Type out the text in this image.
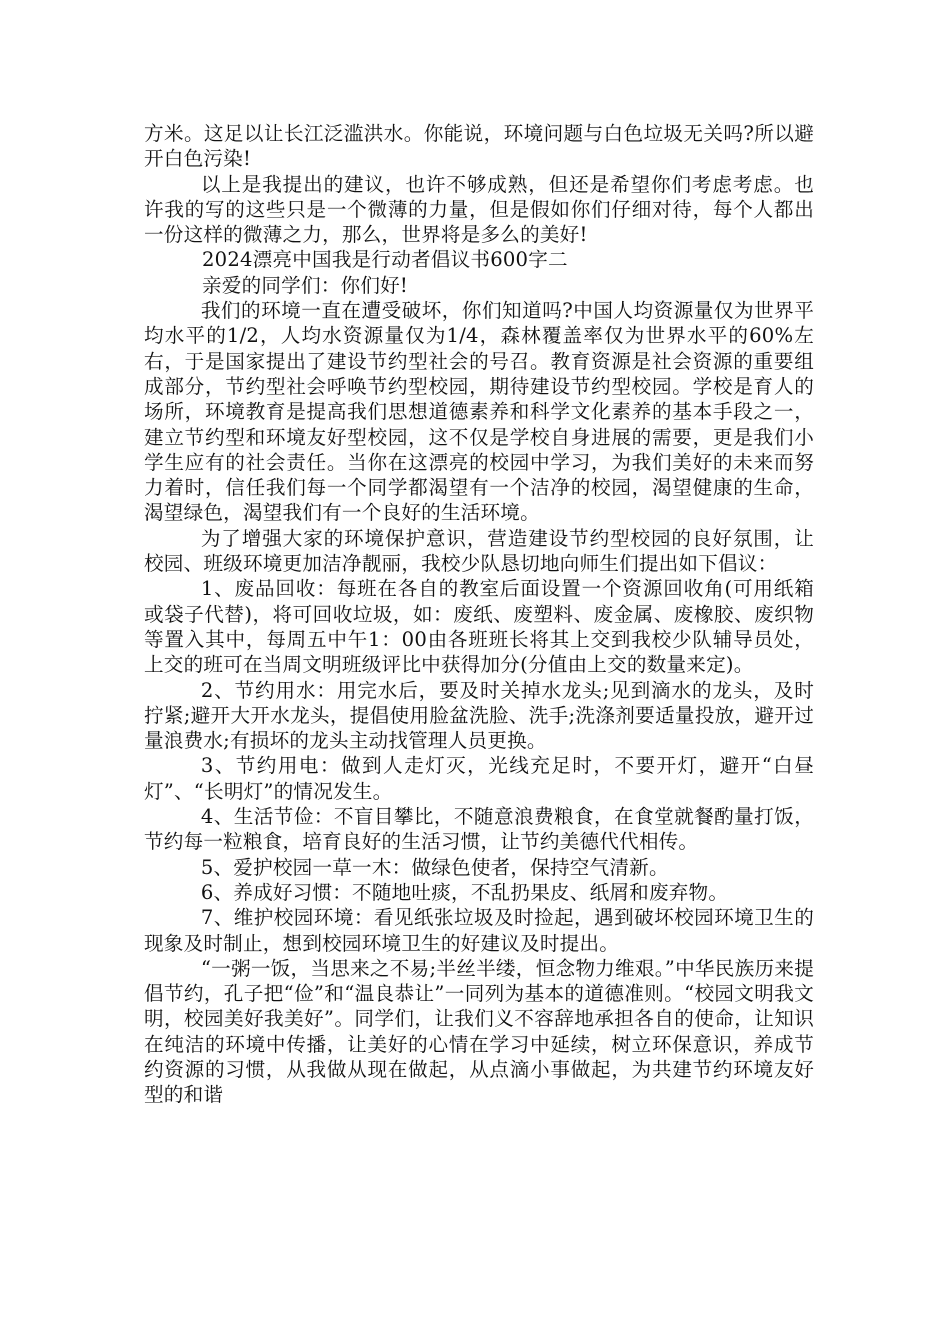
方米。这足以让长江泛滥洪水。你能说，环境问题与白色垃圾无关吗?所以避开白色污染!

以上是我提出的建议，也许不够成熟，但还是希望你们考虑考虑。也许我的写的这些只是一个微薄的力量，但是假如你们仔细对待，每个人都出一份这样的微薄之力，那么，世界将是多么的美好!

2024漂亮中国我是行动者倡议书600字二

亲爱的同学们：你们好!

我们的环境一直在遭受破坏，你们知道吗?中国人均资源量仅为世界平均水平的1/2，人均水资源量仅为1/4，森林覆盖率仅为世界水平的60%左右，于是国家提出了建设节约型社会的号召。教育资源是社会资源的重要组成部分，节约型社会呼唤节约型校园，期待建设节约型校园。学校是育人的场所，环境教育是提高我们思想道德素养和科学文化素养的基本手段之一，建立节约型和环境友好型校园，这不仅是学校自身进展的需要，更是我们小学生应有的社会责任。当你在这漂亮的校园中学习，为我们美好的未来而努力着时，信任我们每一个同学都渴望有一个洁净的校园，渴望健康的生命，渴望绿色，渴望我们有一个良好的生活环境。

为了增强大家的环境保护意识，营造建设节约型校园的良好氛围，让校园、班级环境更加洁净靓丽，我校少队恳切地向师生们提出如下倡议：

1、废品回收：每班在各自的教室后面设置一个资源回收角(可用纸箱或袋子代替)，将可回收垃圾，如：废纸、废塑料、废金属、废橡胶、废织物等置入其中，每周五中午1：00由各班班长将其上交到我校少队辅导员处，上交的班可在当周文明班级评比中获得加分(分值由上交的数量来定)。

2、节约用水：用完水后，要及时关掉水龙头;见到滴水的龙头，及时拧紧;避开大开水龙头，提倡使用脸盆洗脸、洗手;洗涤剂要适量投放，避开过量浪费水;有损坏的龙头主动找管理人员更换。

3、节约用电：做到人走灯灭，光线充足时，不要开灯，避开“白昼灯”、“长明灯”的情况发生。

4、生活节俭：不盲目攀比，不随意浪费粮食，在食堂就餐酌量打饭，节约每一粒粮食，培育良好的生活习惯，让节约美德代代相传。

5、爱护校园一草一木：做绿色使者，保持空气清新。

6、养成好习惯：不随地吐痰，不乱扔果皮、纸屑和废弃物。

7、维护校园环境：看见纸张垃圾及时捡起，遇到破坏校园环境卫生的现象及时制止，想到校园环境卫生的好建议及时提出。

“一粥一饭，当思来之不易;半丝半缕，恒念物力维艰。”中华民族历来提倡节约，孔子把“俭”和“温良恭让”一同列为基本的道德准则。“校园文明我文明，校园美好我美好”。同学们，让我们义不容辞地承担各自的使命，让知识在纯洁的环境中传播，让美好的心情在学习中延续，树立环保意识，养成节约资源的习惯，从我做从现在做起，从点滴小事做起，为共建节约环境友好型的和谐
